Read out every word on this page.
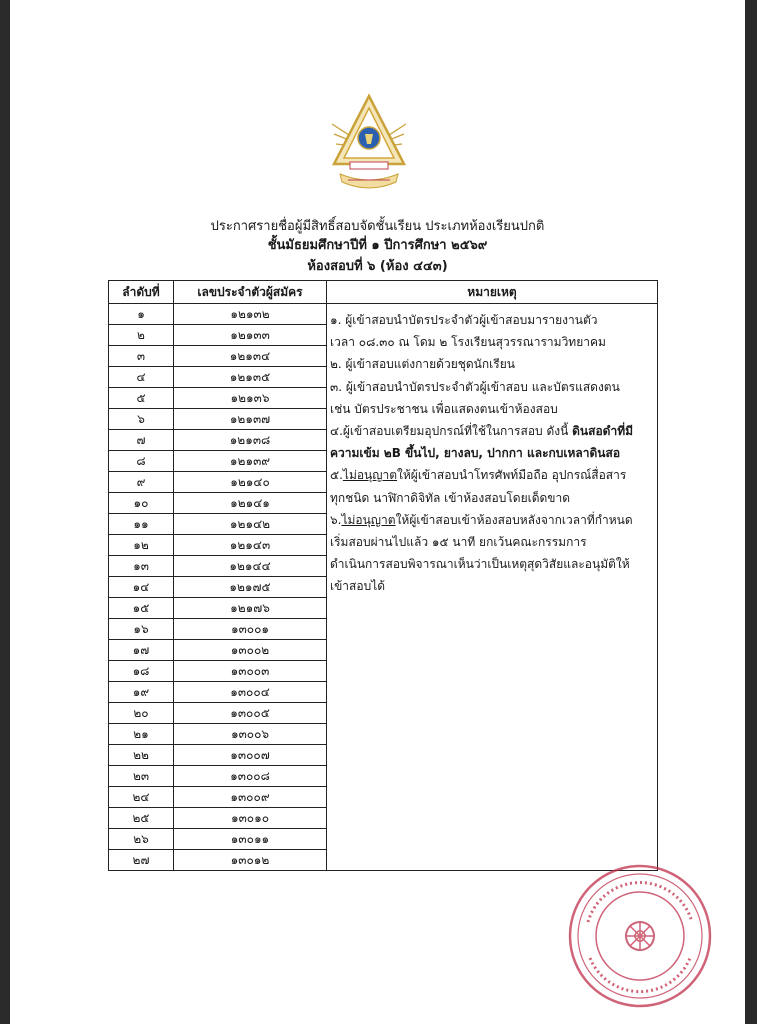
ประกาศรายชื่อผู้มีสิทธิ์สอบจัดชั้นเรียน ประเภทห้องเรียนปกติ
ชั้นมัธยมศึกษาปีที่ ๑ ปีการศึกษา ๒๕๖๙
ห้องสอบที่ ๖ (ห้อง ๔๔๓)
ลำดับที่	เลขประจำตัวผู้สมัคร	หมายเหตุ
๑	๑๒๑๓๒	
๒	๑๒๑๓๓	
๓	๑๒๑๓๔	
๔	๑๒๑๓๕	
๕	๑๒๑๓๖	
๖	๑๒๑๓๗	
๗	๑๒๑๓๘	
๘	๑๒๑๓๙	
๙	๑๒๑๔๐	
๑๐	๑๒๑๔๑	
๑๑	๑๒๑๔๒	
๑๒	๑๒๑๔๓	
๑๓	๑๒๑๔๔	
๑๔	๑๒๑๗๕	
๑๕	๑๒๑๗๖	
๑๖	๑๓๐๐๑	
๑๗	๑๓๐๐๒	
๑๘	๑๓๐๐๓	
๑๙	๑๓๐๐๔	
๒๐	๑๓๐๐๕	
๒๑	๑๓๐๐๖	
๒๒	๑๓๐๐๗	
๒๓	๑๓๐๐๘	
๒๔	๑๓๐๐๙	
๒๕	๑๓๐๑๐	
๒๖	๑๓๐๑๑	
๒๗	๑๓๐๑๒	
๑. ผู้เข้าสอบนำบัตรประจำตัวผู้เข้าสอบมารายงานตัว
เวลา ๐๘.๓๐ ณ โดม ๒ โรงเรียนสุวรรณารามวิทยาคม
๒. ผู้เข้าสอบแต่งกายด้วยชุดนักเรียน
๓. ผู้เข้าสอบนำบัตรประจำตัวผู้เข้าสอบ และบัตรแสดงตน
เช่น บัตรประชาชน เพื่อแสดงตนเข้าห้องสอบ
๔.ผู้เข้าสอบเตรียมอุปกรณ์ที่ใช้ในการสอบ ดังนี้ ดินสอดำที่มี
ความเข้ม ๒B ขึ้นไป, ยางลบ, ปากกา และกบเหลาดินสอ
๕.ไม่อนุญาตให้ผู้เข้าสอบนำโทรศัพท์มือถือ อุปกรณ์สื่อสาร
ทุกชนิด นาฬิกาดิจิทัล เข้าห้องสอบโดยเด็ดขาด
๖.ไม่อนุญาตให้ผู้เข้าสอบเข้าห้องสอบหลังจากเวลาที่กำหนด
เริ่มสอบผ่านไปแล้ว ๑๕ นาที ยกเว้นคณะกรรมการ
ดำเนินการสอบพิจารณาเห็นว่าเป็นเหตุสุดวิสัยและอนุมัติให้
เข้าสอบได้
